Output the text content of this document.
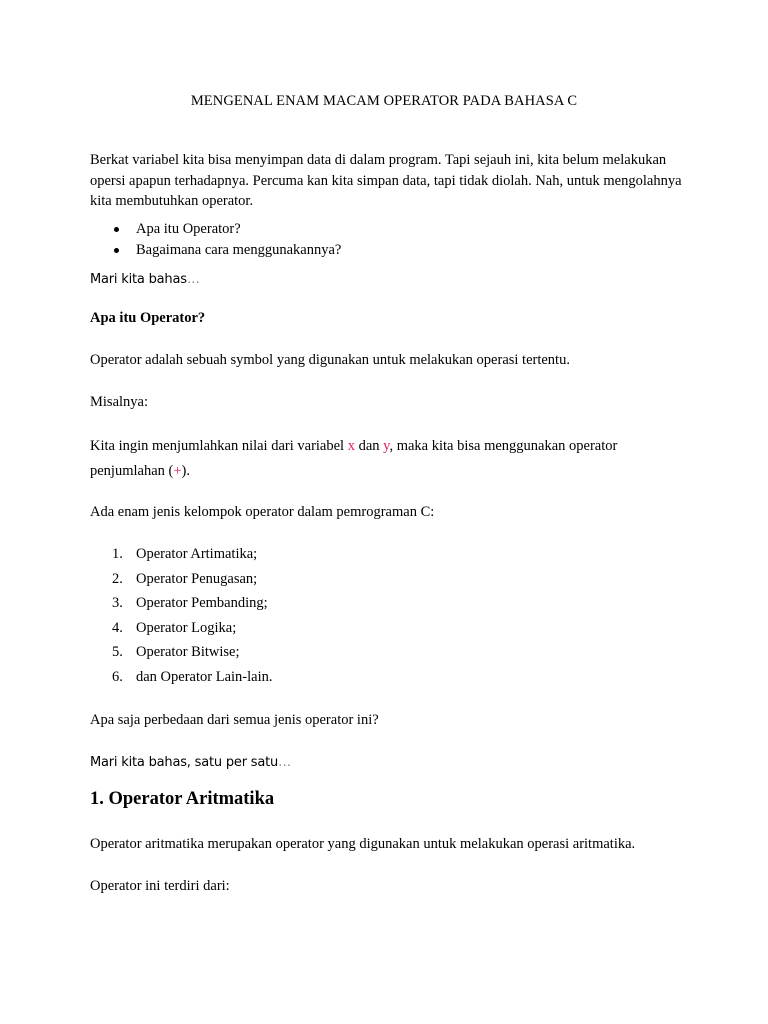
MENGENAL ENAM MACAM OPERATOR PADA BAHASA C

Berkat variabel kita bisa menyimpan data di dalam program. Tapi sejauh ini, kita belum melakukan opersi apapun terhadapnya. Percuma kan kita simpan data, tapi tidak diolah. Nah, untuk mengolahnya kita membutuhkan operator.

Apa itu Operator?
Bagaimana cara menggunakannya?

Mari kita bahas…

Apa itu Operator?

Operator adalah sebuah symbol yang digunakan untuk melakukan operasi tertentu.

Misalnya:

Kita ingin menjumlahkan nilai dari variabel x dan y, maka kita bisa menggunakan operator penjumlahan (+).

Ada enam jenis kelompok operator dalam pemrograman C:

1. Operator Artimatika;
2. Operator Penugasan;
3. Operator Pembanding;
4. Operator Logika;
5. Operator Bitwise;
6. dan Operator Lain-lain.

Apa saja perbedaan dari semua jenis operator ini?

Mari kita bahas, satu per satu…

1. Operator Aritmatika

Operator aritmatika merupakan operator yang digunakan untuk melakukan operasi aritmatika.

Operator ini terdiri dari:
